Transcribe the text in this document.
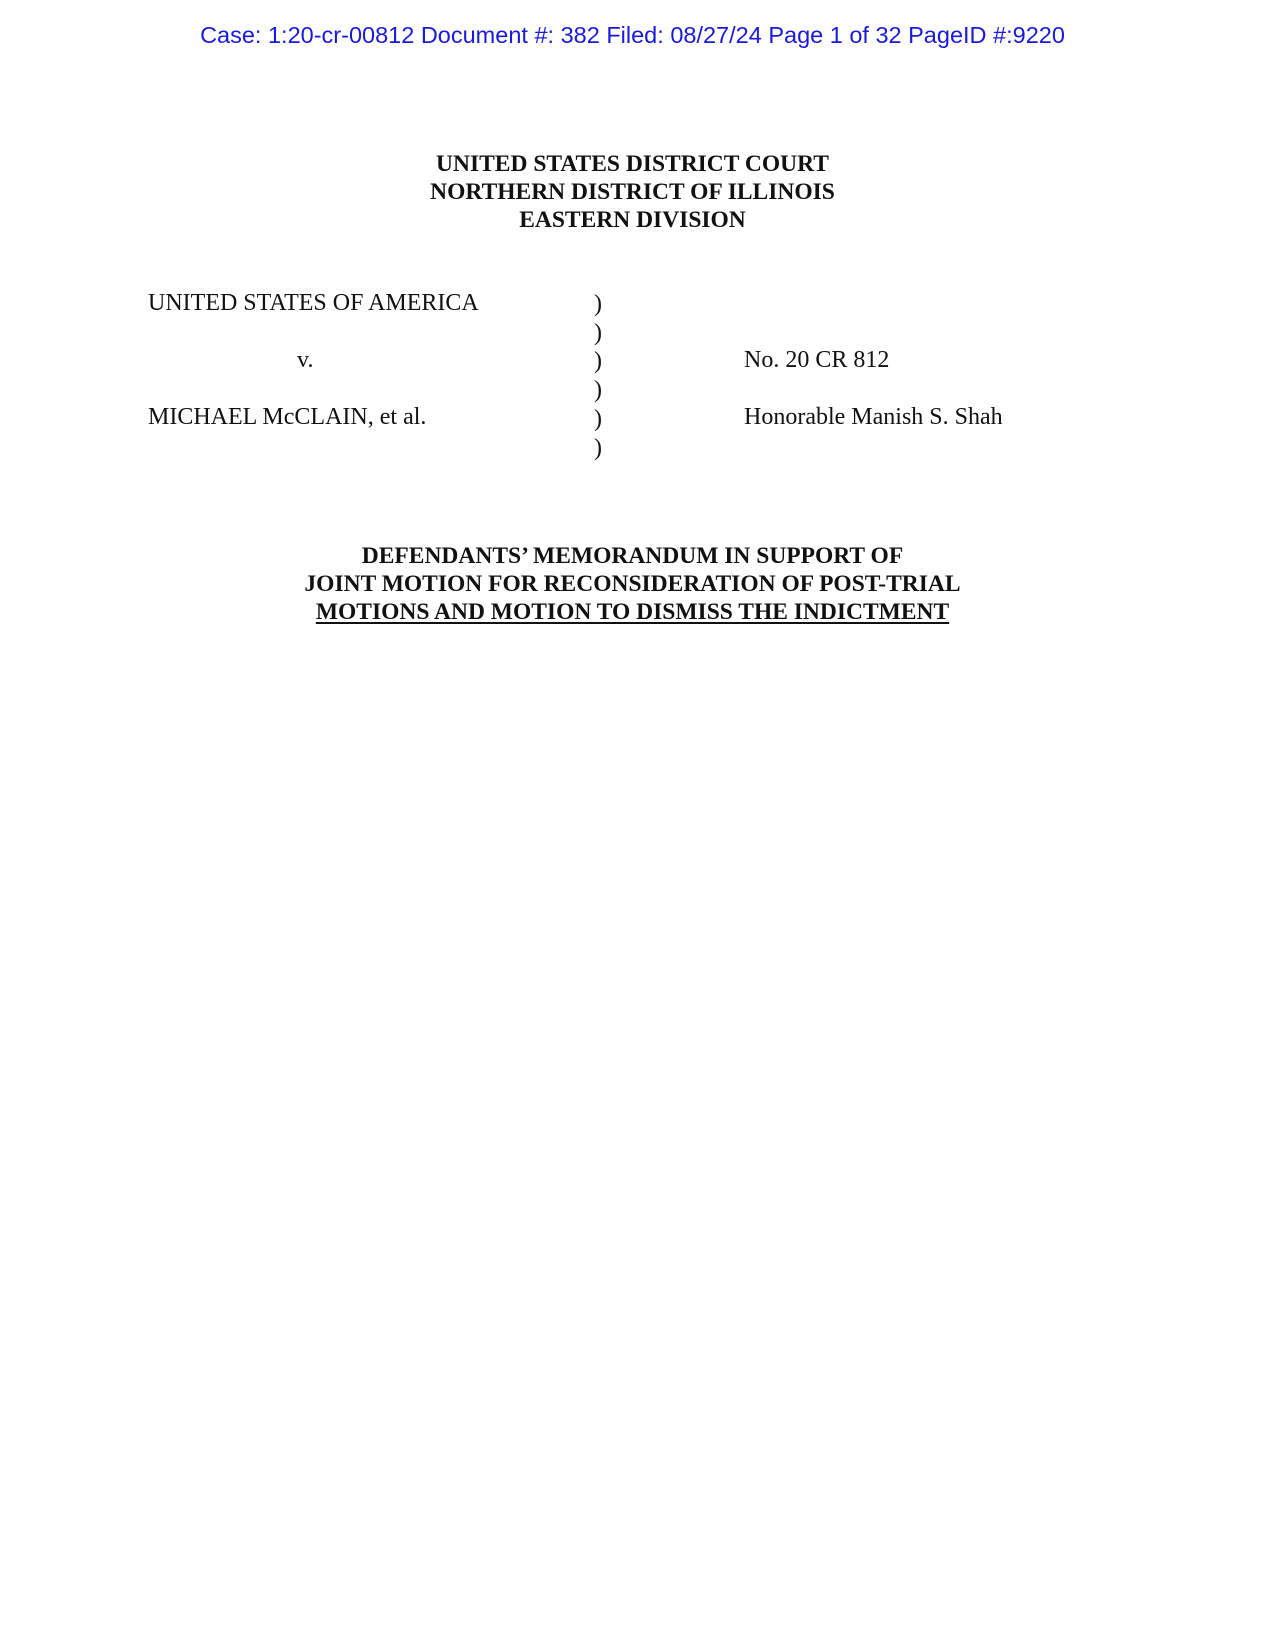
Case: 1:20-cr-00812 Document #: 382 Filed: 08/27/24 Page 1 of 32 PageID #:9220
UNITED STATES DISTRICT COURT
NORTHERN DISTRICT OF ILLINOIS
EASTERN DIVISION
UNITED STATES OF AMERICA
v.
MICHAEL McCLAIN, et al.
)
)
)
)
)
)
No. 20 CR 812
Honorable Manish S. Shah
DEFENDANTS’ MEMORANDUM IN SUPPORT OF
JOINT MOTION FOR RECONSIDERATION OF POST-TRIAL
MOTIONS AND MOTION TO DISMISS THE INDICTMENT
